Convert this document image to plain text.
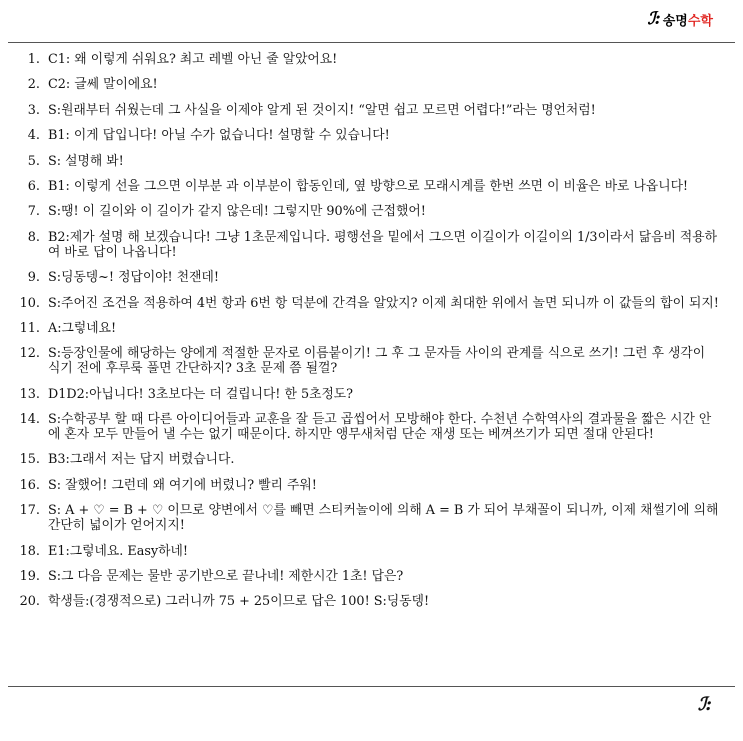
ℐ: 송명 수학
1. C1: 왜 이렇게 쉬워요? 최고 레벨 아닌 줄 알았어요!
2. C2: 글쎄 말이에요!
3. S:원래부터 쉬웠는데 그 사실을 이제야 알게 된 것이지! “알면 쉽고 모르면 어렵다!”라는 명언처럼!
4. B1: 이게 답입니다! 아닐 수가 없습니다! 설명할 수 있습니다!
5. S: 설명해 봐!
6. B1: 이렇게 선을 그으면 이부분 과 이부분이 합동인데, 옆 방향으로 모래시계를 한번 쓰면 이 비율은 바로 나옵니다!
7. S:땡! 이 길이와 이 길이가 같지 않은데! 그렇지만 90%에 근접했어!
8. B2:제가 설명 해 보겠습니다! 그냥 1초문제입니다. 평행선을 밑에서 그으면 이길이가 이길이의 1/3이라서 닮음비 적용하여 바로 답이 나옵니다!
9. S:딩동뎅~! 정답이야! 천잰데!
10. S:주어진 조건을 적용하여 4번 항과 6번 항 덕분에 간격을 알았지? 이제 최대한 위에서 놀면 되니까 이 값들의 합이 되지!
11. A:그렇네요!
12. S:등장인물에 해당하는 양에게 적절한 문자로 이름붙이기! 그 후 그 문자들 사이의 관계를 식으로 쓰기! 그런 후 생각이 식기 전에 후루룩 풀면 간단하지? 3초 문제 쯤 될껄?
13. D1D2:아닙니다! 3초보다는 더 걸립니다! 한 5초정도?
14. S:수학공부 할 때 다른 아이디어들과 교훈을 잘 듣고 곱씹어서 모방해야 한다. 수천년 수학역사의 결과물을 짧은 시간 안에 혼자 모두 만들어 낼 수는 없기 때문이다. 하지만 앵무새처럼 단순 재생 또는 베껴쓰기가 되면 절대 안된다!
15. B3:그래서 저는 답지 버렸습니다.
16. S: 잘했어! 그런데 왜 여기에 버렸니? 빨리 주워!
17. S: A + ♡ = B + ♡ 이므로 양변에서 ♡를 빼면 스티커놀이에 의해 A = B 가 되어 부채꼴이 되니까, 이제 채썰기에 의해 간단히 넓이가 얻어지지!
18. E1:그렇네요. Easy하네!
19. S:그 다음 문제는 물반 공기반으로 끝나네! 제한시간 1초! 답은?
20. 학생들:(경쟁적으로) 그러니까 75 + 25이므로 답은 100! S:딩동뎅!
ℐ:
